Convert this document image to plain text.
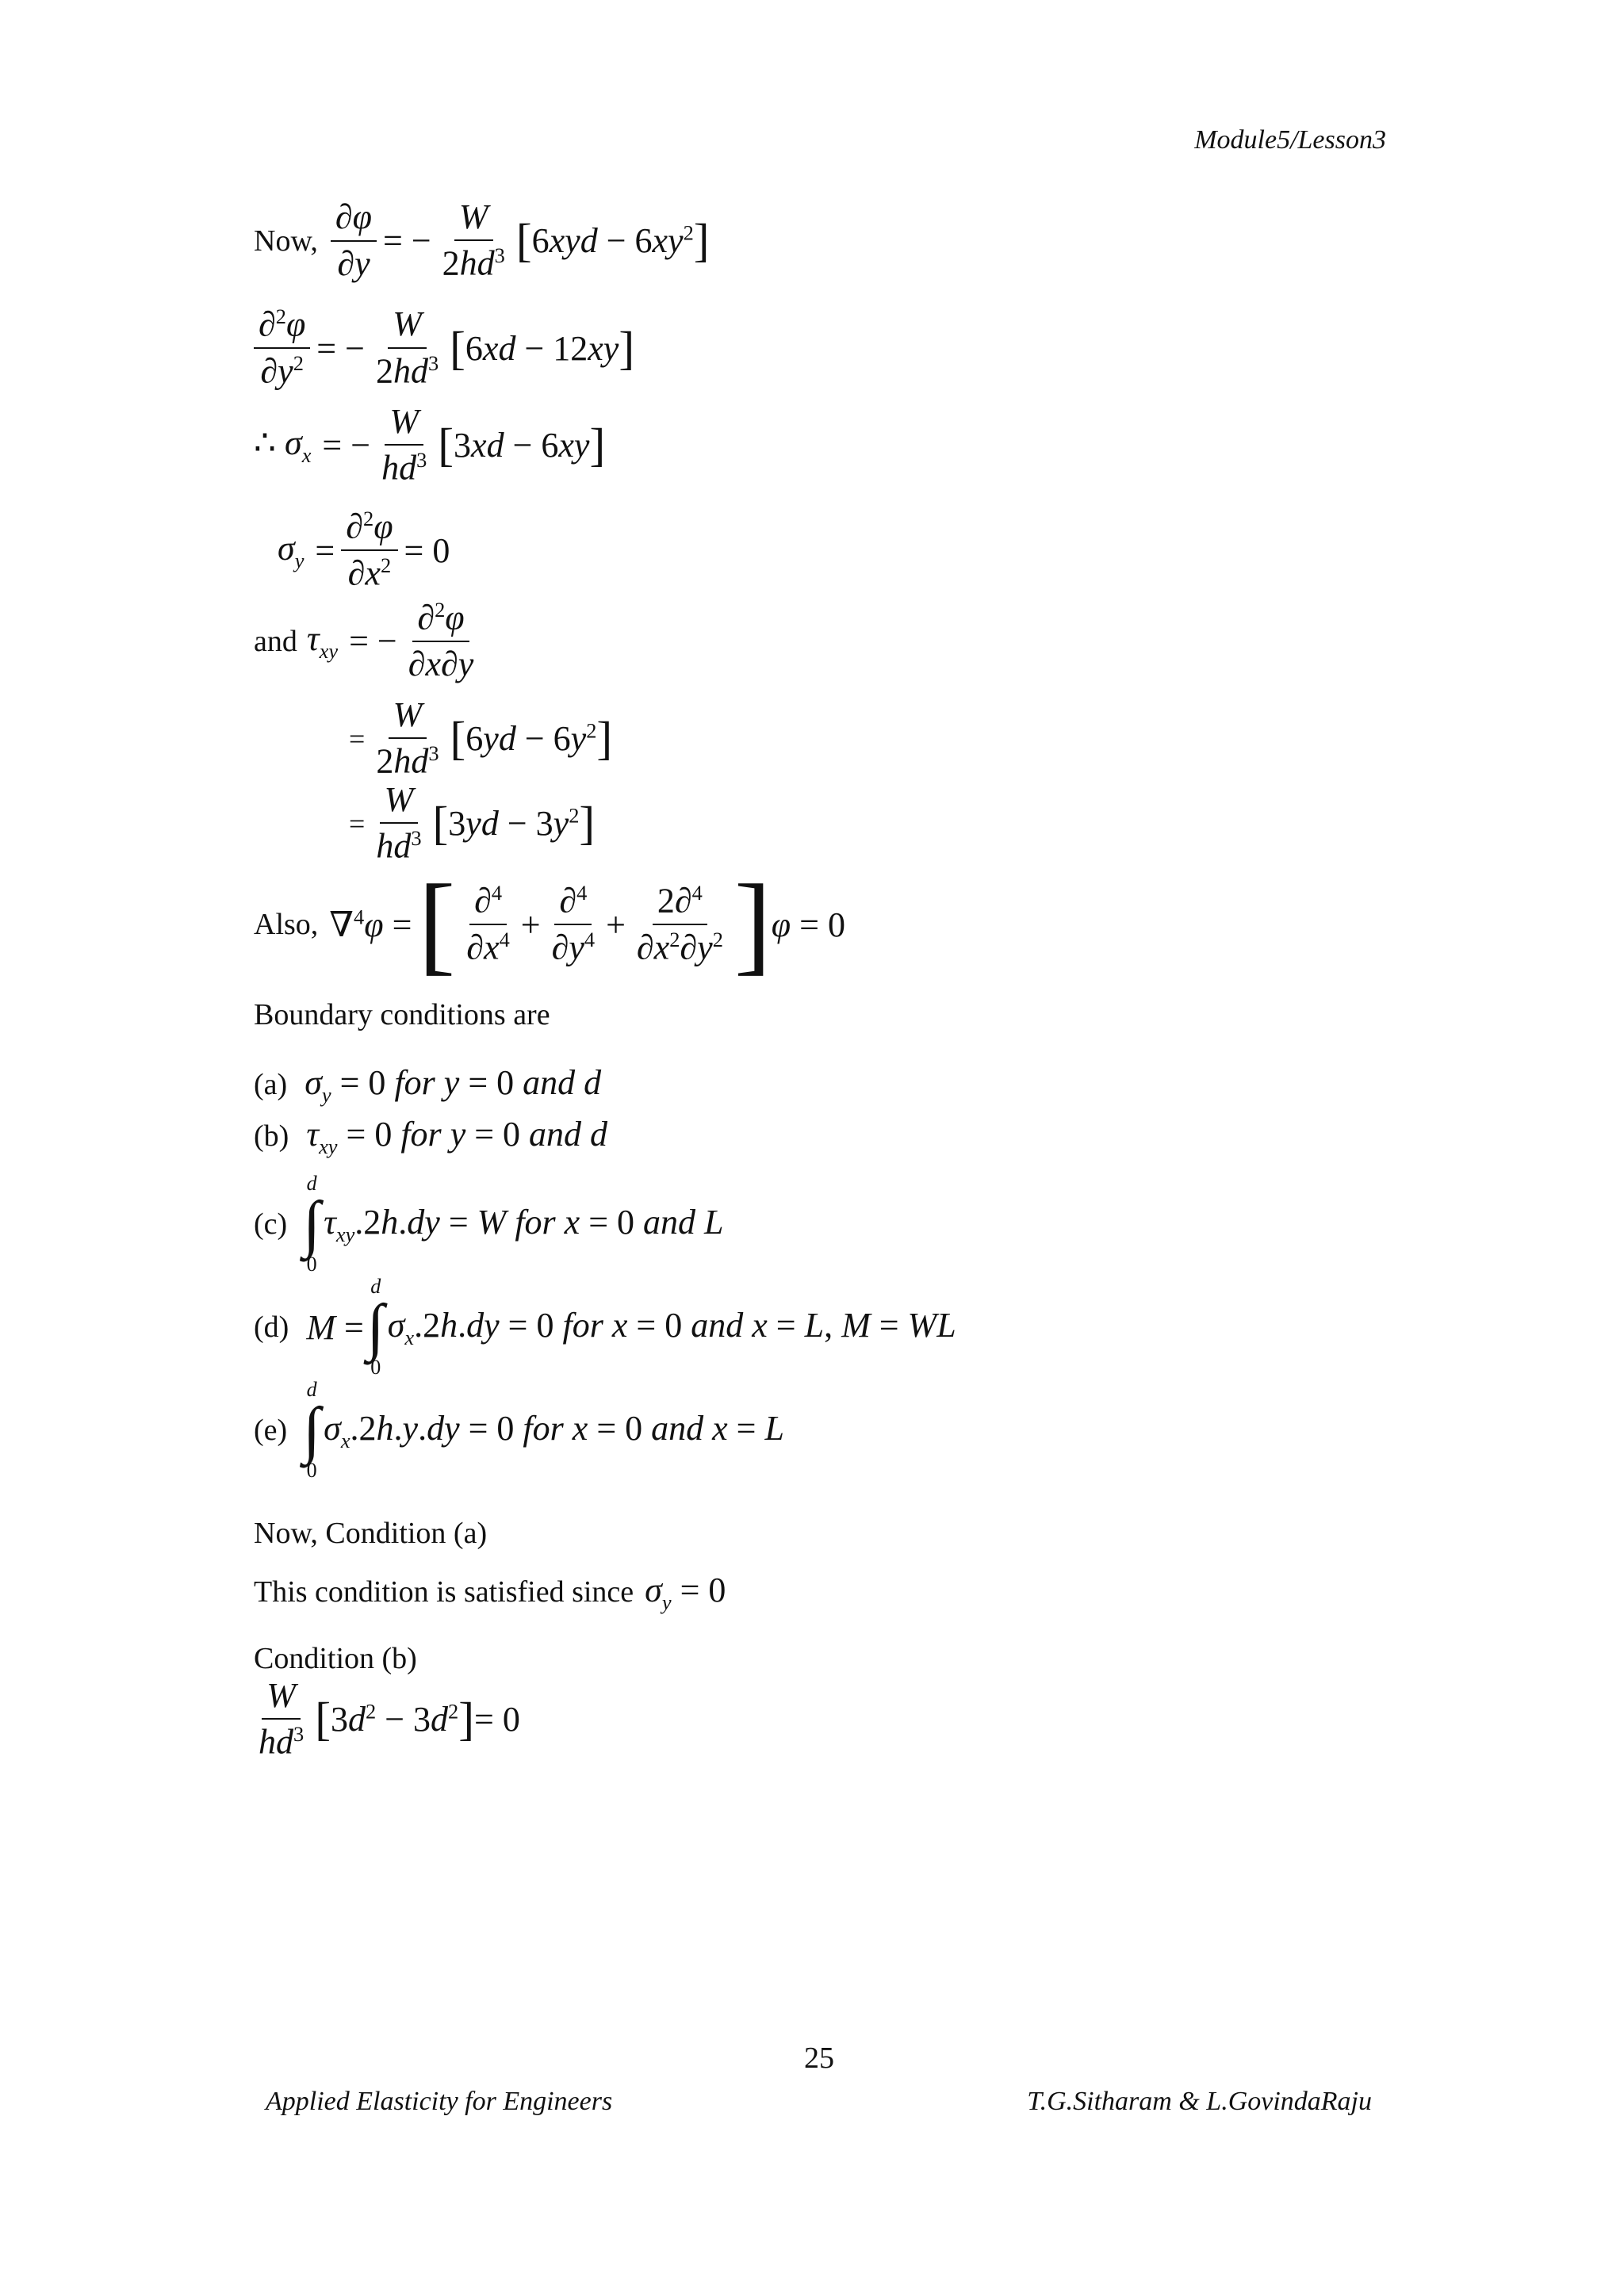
Module5/Lesson3
Now, $\frac{\partial\varphi}{\partial y}$ = − $\frac{W}{2hd^3}$ [ $6xyd - 6xy^2$ ]
$\frac{\partial^2\varphi}{\partial y^2}$ = − $\frac{W}{2hd^3}$ [ 6xd − 12xy ]
∴ $\sigma_x$ = − $\frac{W}{hd^3}$ [ 3xd − 6xy ]
$\sigma_y = \frac{\partial^2\varphi}{\partial x^2} = 0$
and $\tau_{xy}$ = − $\frac{\partial^2\varphi}{\partial x\partial y}$
= $\frac{W}{2hd^3}$ [ $6yd - 6y^2$ ]
= $\frac{W}{hd^3}$ [ $3yd - 3y^2$ ]
Also, ∇$^4$φ = [ $\frac{\partial^4}{\partial x^4} + \frac{\partial^4}{\partial y^4} + \frac{2\partial^4}{\partial x^2\partial y^2}$ ] φ = 0
Boundary conditions are
(a) $\sigma_y = 0$ for y = 0 and d
(b) $\tau_{xy} = 0$ for y = 0 and d
(c)
d
∫
0
$\tau_{xy}.2h.dy = W$ for x = 0 and L
(d) M =
d
∫
0
$\sigma_x.2h.dy = 0$ for x = 0 and x = L, M = WL
(e)
d
∫
0
$\sigma_x.2h.y.dy = 0$ for x = 0 and x = L
Now, Condition (a)
This condition is satisfied since $\sigma_y = 0$
Condition (b)
$\frac{W}{hd^3}$ [ $3d^2 - 3d^2$ ] = 0
25
Applied Elasticity for Engineers	T.G.Sitharam & L.GovindaRaju
